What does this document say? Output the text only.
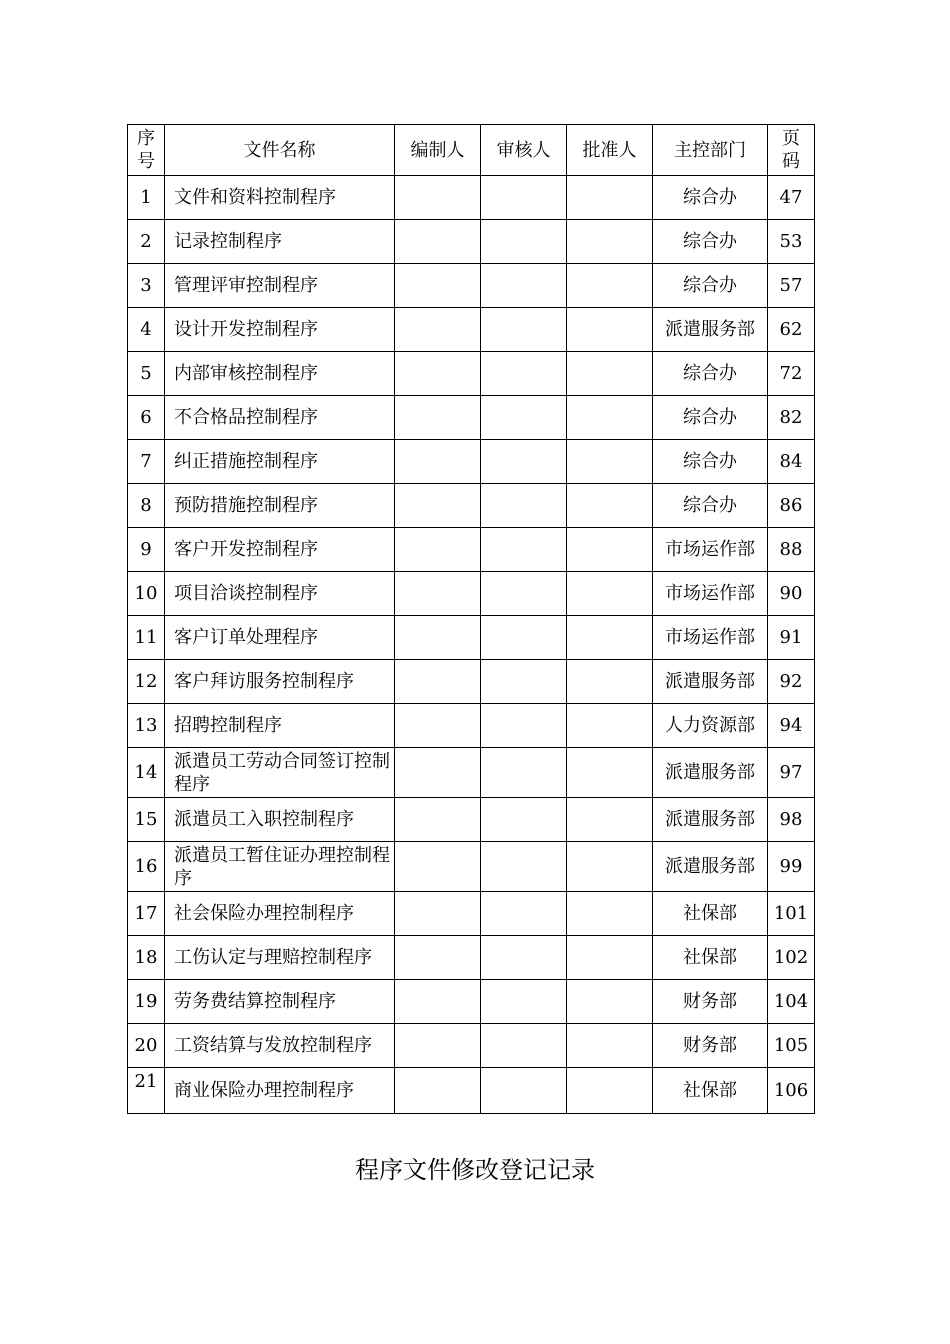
序号	文件名称	编制人	审核人	批准人	主控部门	页码
1	文件和资料控制程序				综合办	47
2	记录控制程序				综合办	53
3	管理评审控制程序				综合办	57
4	设计开发控制程序				派遣服务部	62
5	内部审核控制程序				综合办	72
6	不合格品控制程序				综合办	82
7	纠正措施控制程序				综合办	84
8	预防措施控制程序				综合办	86
9	客户开发控制程序				市场运作部	88
10	项目洽谈控制程序				市场运作部	90
11	客户订单处理程序				市场运作部	91
12	客户拜访服务控制程序				派遣服务部	92
13	招聘控制程序				人力资源部	94
14	派遣员工劳动合同签订控制程序				派遣服务部	97
15	派遣员工入职控制程序				派遣服务部	98
16	派遣员工暂住证办理控制程序				派遣服务部	99
17	社会保险办理控制程序				社保部	101
18	工伤认定与理赔控制程序				社保部	102
19	劳务费结算控制程序				财务部	104
20	工资结算与发放控制程序				财务部	105
21	商业保险办理控制程序				社保部	106
程序文件修改登记记录
